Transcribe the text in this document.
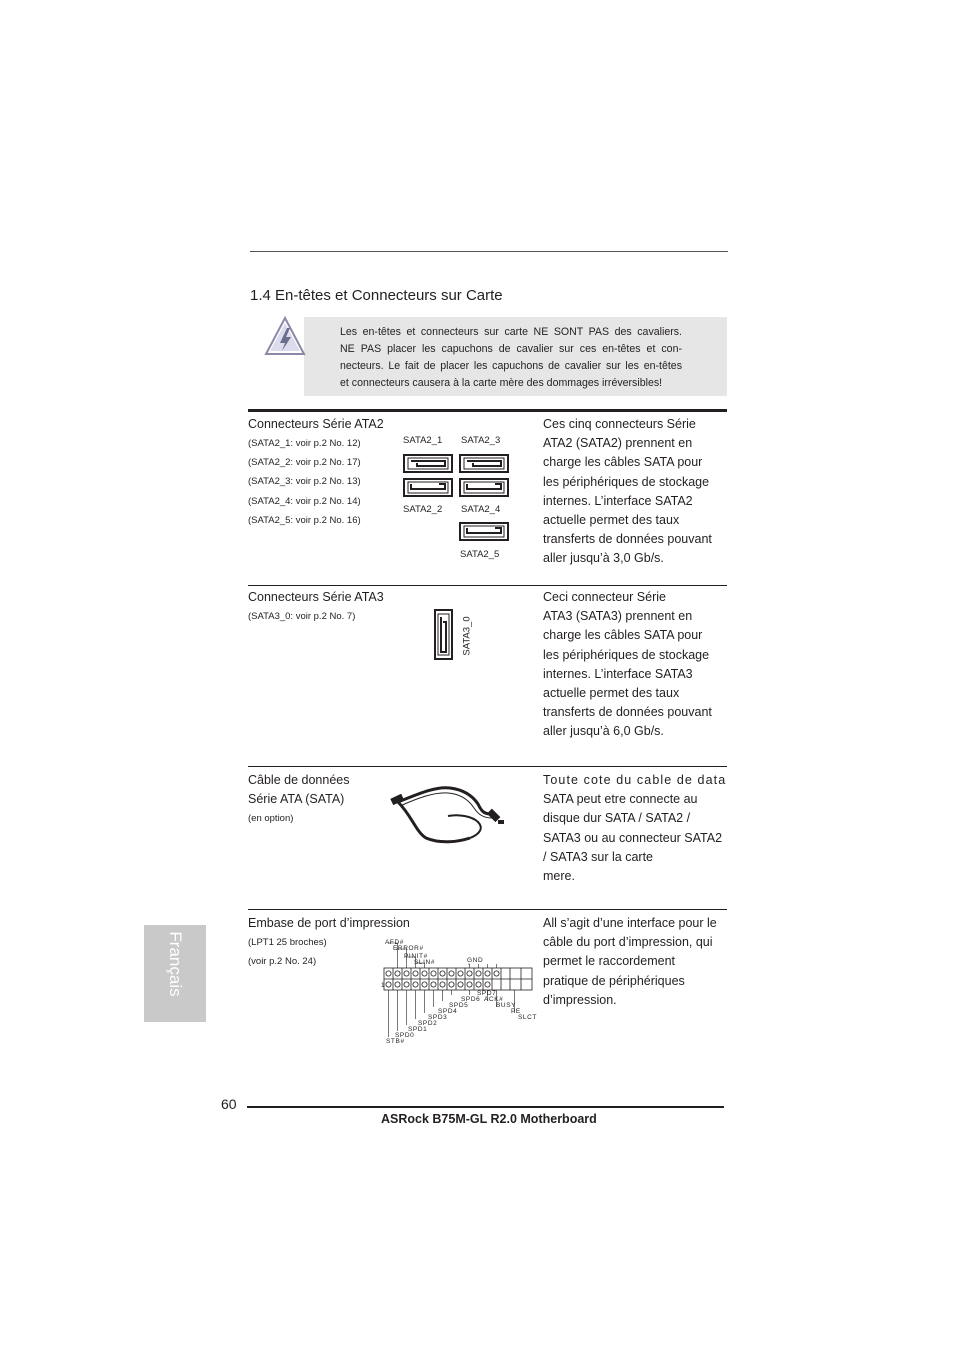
1.4 En-têtes et Connecteurs sur Carte
Les en-têtes et connecteurs sur carte NE SONT PAS des cavaliers.
NE PAS placer les capuchons de cavalier sur ces en-têtes et con-
necteurs. Le fait de placer les capuchons de cavalier sur les en-têtes
et connecteurs causera à la carte mère des dommages irréversibles!
Connecteurs Série ATA2
(SATA2_1: voir p.2 No. 12)
(SATA2_2: voir p.2 No. 17)
(SATA2_3: voir p.2 No. 13)
(SATA2_4: voir p.2 No. 14)
(SATA2_5: voir p.2 No. 16)
SATA2_1 SATA2_3
SATA2_2 SATA2_4
SATA2_5
Ces cinq connecteurs Série
ATA2 (SATA2) prennent en
charge les câbles SATA pour
les périphériques de stockage
internes. L’interface SATA2
actuelle permet des taux
transferts de données pouvant
aller jusqu’à 3,0 Gb/s.
Connecteurs Série ATA3
(SATA3_0: voir p.2 No. 7)	SATA3_0
Ceci connecteur Série
ATA3 (SATA3) prennent en
charge les câbles SATA pour
les périphériques de stockage
internes. L’interface SATA3
actuelle permet des taux
transferts de données pouvant
aller jusqu’à 6,0 Gb/s.
Câble de données
Série ATA (SATA)
(en option)
Toute cote du cable de data
SATA peut etre connecte au
disque dur SATA / SATA2 /
SATA3 ou au connecteur SATA2
/ SATA3 sur la carte
mere.
Embase de port d’impression
(LPT1 25 broches)
(voir p.2 No. 24)
AFD#
ERROR#
PINIT#
SLIN#	GND
1
SPD7
SPD6 ACK#
SPD5	BUSY
SPD4	PE
SPD3	SLCT
SPD2
SPD1
SPD0
STB#
All s’agit d’une interface pour le
câble du port d’impression, qui
permet le raccordement
pratique de périphériques
d’impression.
Français
60
ASRock B75M-GL R2.0 Motherboard
